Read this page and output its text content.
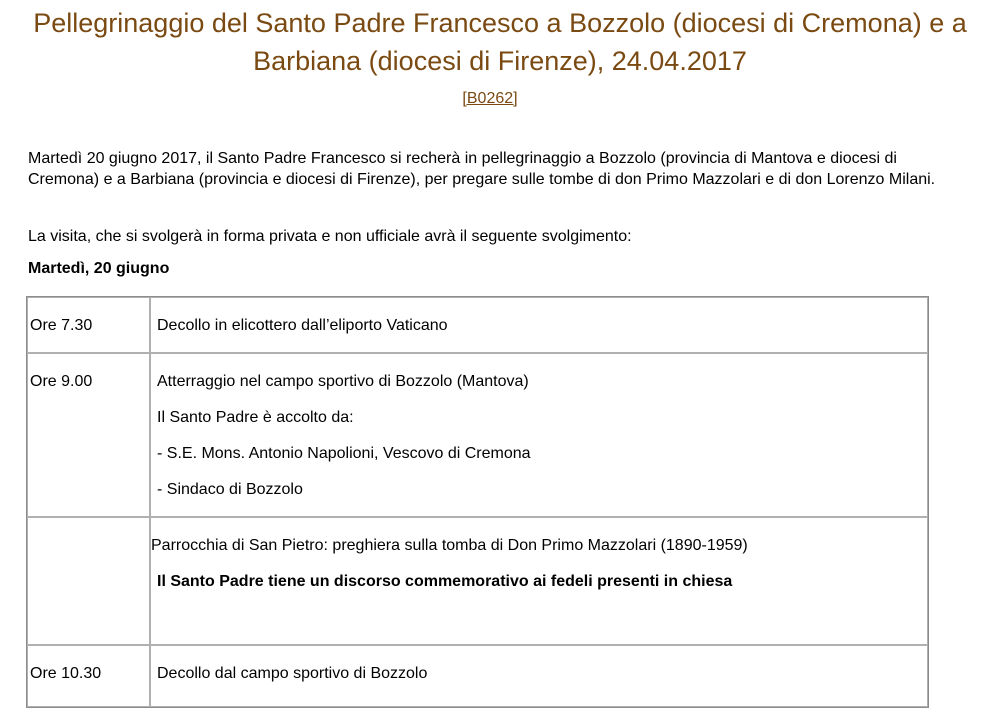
Pellegrinaggio del Santo Padre Francesco a Bozzolo (diocesi di Cremona) e a
Barbiana (diocesi di Firenze), 24.04.2017
[B0262]

Martedì 20 giugno 2017, il Santo Padre Francesco si recherà in pellegrinaggio a Bozzolo (provincia di Mantova e diocesi di Cremona) e a Barbiana (provincia e diocesi di Firenze), per pregare sulle tombe di don Primo Mazzolari e di don Lorenzo Milani.

La visita, che si svolgerà in forma privata e non ufficiale avrà il seguente svolgimento:

Martedì, 20 giugno

Ore 7.30	Decollo in elicottero dall’eliporto Vaticano

Ore 9.00	Atterraggio nel campo sportivo di Bozzolo (Mantova)
Il Santo Padre è accolto da:
- S.E. Mons. Antonio Napolioni, Vescovo di Cremona
- Sindaco di Bozzolo

	Parrocchia di San Pietro: preghiera sulla tomba di Don Primo Mazzolari (1890-1959)
Il Santo Padre tiene un discorso commemorativo ai fedeli presenti in chiesa

Ore 10.30	Decollo dal campo sportivo di Bozzolo
